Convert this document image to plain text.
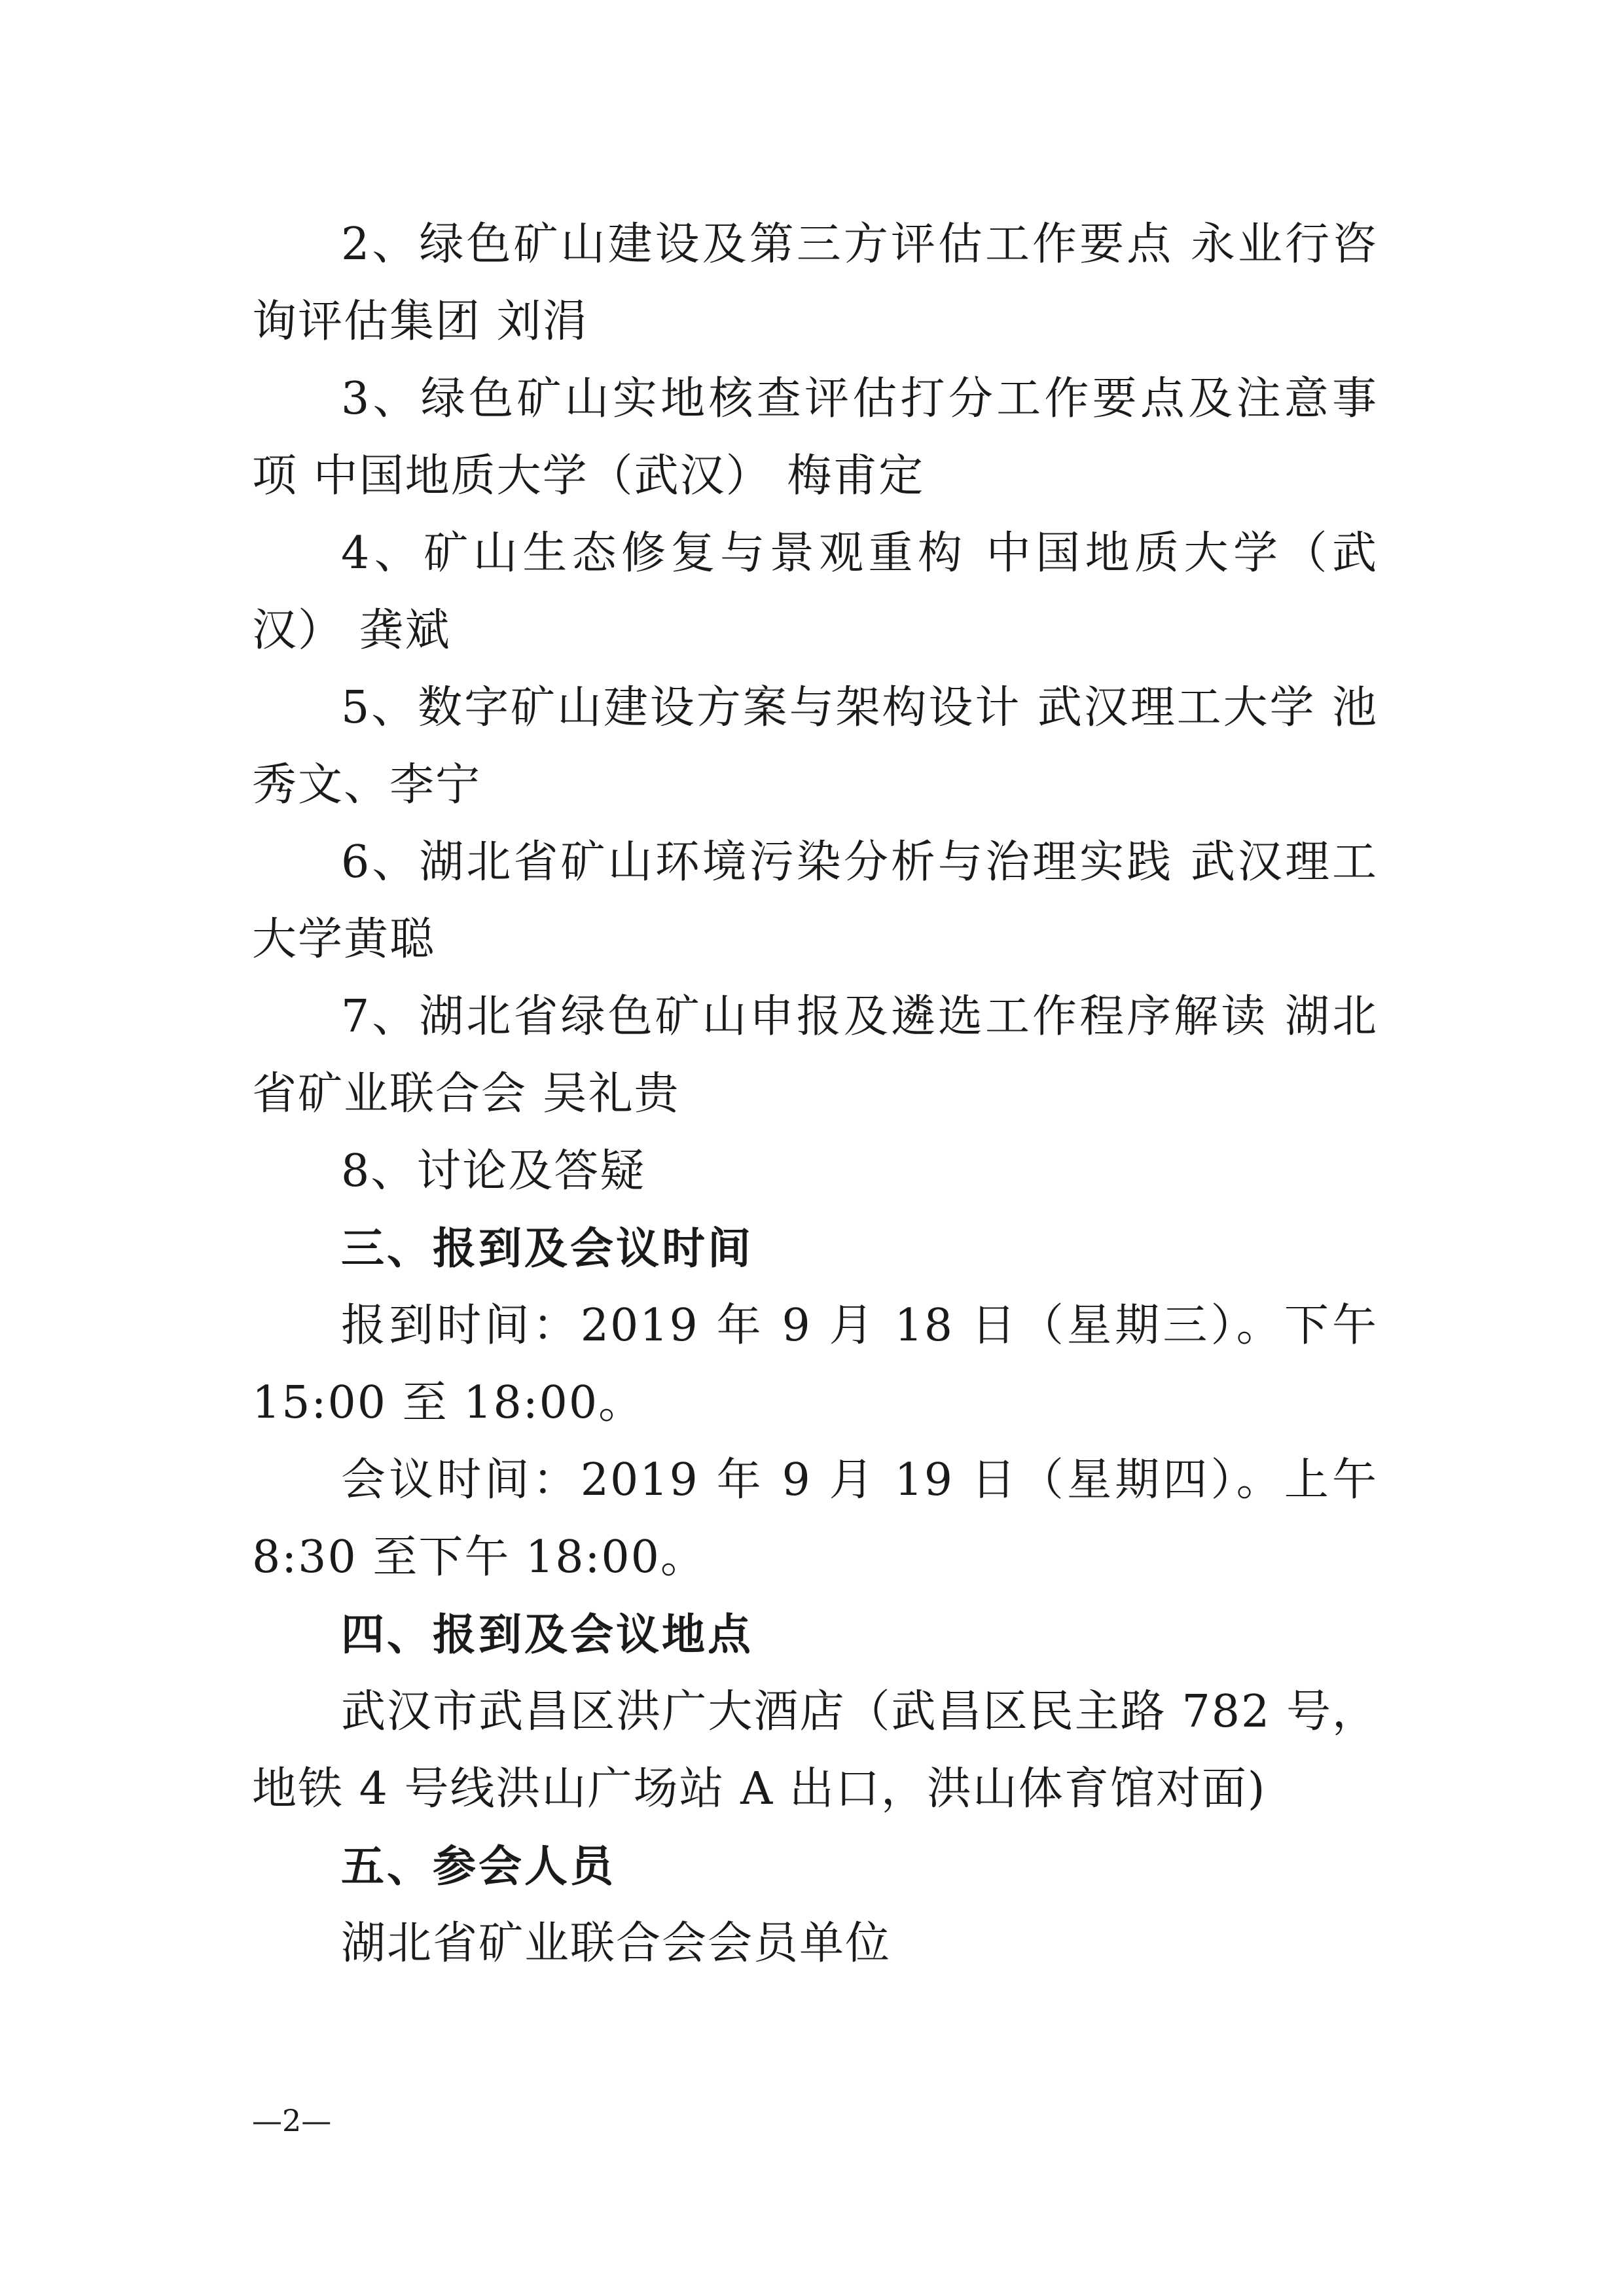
2、绿色矿山建设及第三方评估工作要点 永业行咨询评估集团 刘涓

3、绿色矿山实地核查评估打分工作要点及注意事项 中国地质大学（武汉） 梅甫定

4、矿山生态修复与景观重构 中国地质大学（武汉） 龚斌

5、数字矿山建设方案与架构设计 武汉理工大学 池秀文、李宁

6、湖北省矿山环境污染分析与治理实践 武汉理工大学黄聪

7、湖北省绿色矿山申报及遴选工作程序解读 湖北省矿业联合会 吴礼贵

8、讨论及答疑

三、报到及会议时间

报到时间：2019 年 9 月 18 日（星期三）。下午 15:00 至 18:00。

会议时间：2019 年 9 月 19 日（星期四）。上午 8:30 至下午 18:00。

四、报到及会议地点

武汉市武昌区洪广大酒店（武昌区民主路 782 号，地铁 4 号线洪山广场站 A 出口，洪山体育馆对面)

五、参会人员

湖北省矿业联合会会员单位

—2—
